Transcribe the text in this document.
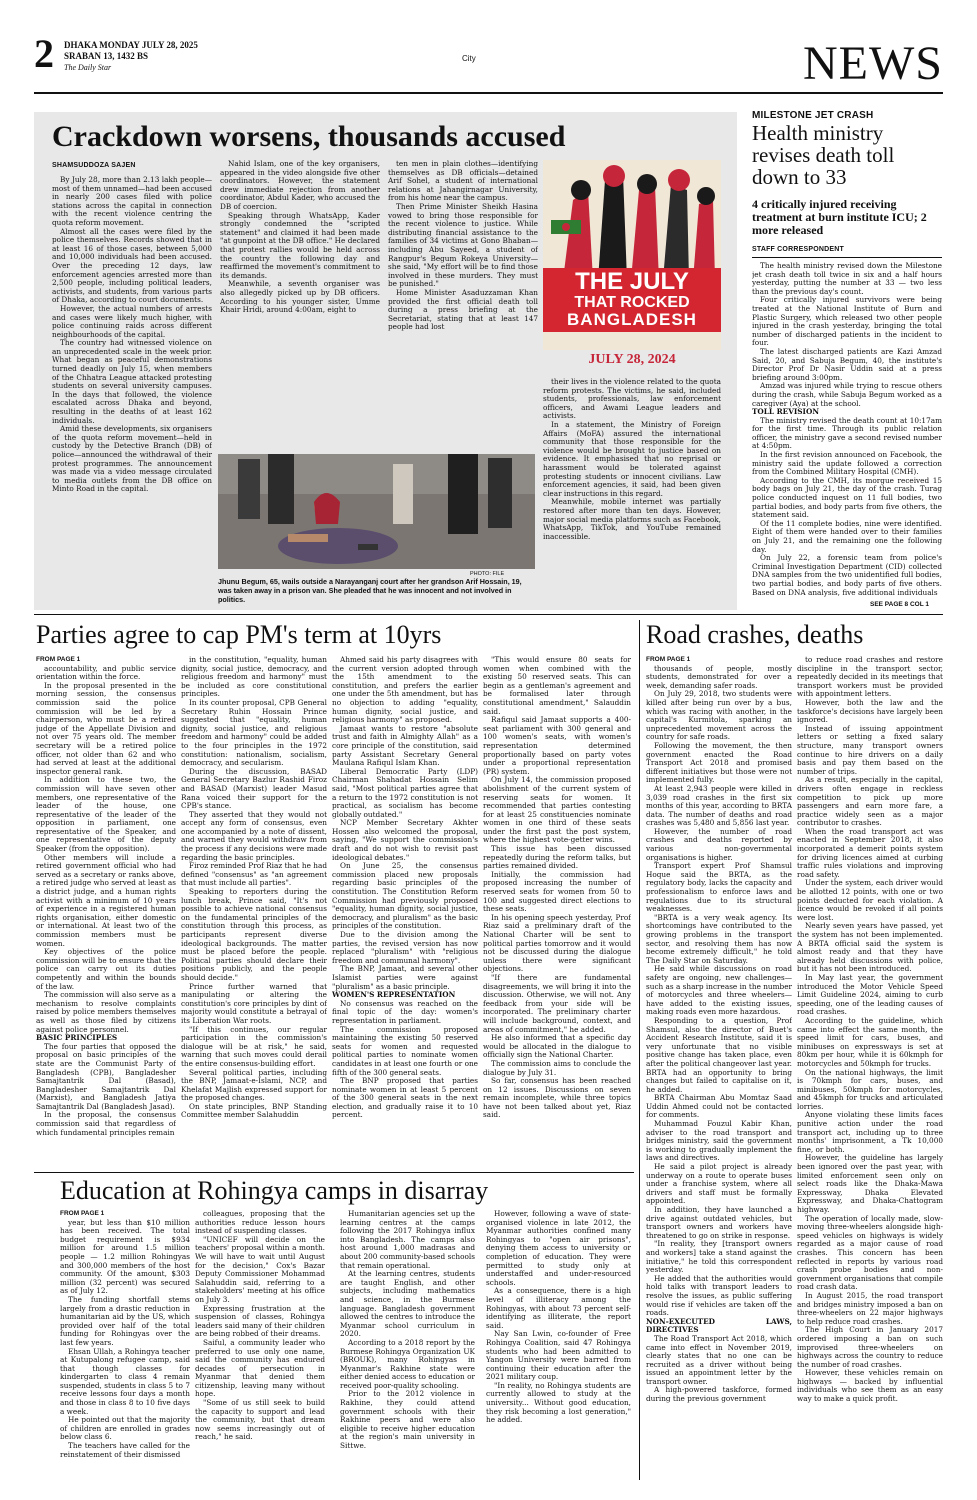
2 DHAKA MONDAY JULY 28, 2025
SRABAN 13, 1432 BS
The Daily Star
City	NEWS
Crackdown worsens, thousands accused
SHAMSUDDOZA SAJEN

By July 28, more than 2.13 lakh people—most of them unnamed—had been accused in nearly 200 cases filed with police stations across the capital in connection with the recent violence centring the quota reform movement.

Almost all the cases were filed by the police themselves. Records showed that in at least 16 of those cases, between 5,000 and 10,000 individuals had been accused. Over the preceding 12 days, law enforcement agencies arrested more than 2,500 people, including political leaders, activists, and students, from various parts of Dhaka, according to court documents.

However, the actual numbers of arrests and cases were likely much higher, with police continuing raids across different neighbourhoods of the capital.

The country had witnessed violence on an unprecedented scale in the week prior. What began as peaceful demonstrations turned deadly on July 15, when members of the Chhatra League attacked protesting students on several university campuses. In the days that followed, the violence escalated across Dhaka and beyond, resulting in the deaths of at least 162 individuals.

Amid these developments, six organisers of the quota reform movement—held in custody by the Detective Branch (DB) of police—announced the withdrawal of their protest programmes. The announcement was made via a video message circulated to media outlets from the DB office on Minto Road in the capital.

Nahid Islam, one of the key organisers, appeared in the video alongside five other coordinators. However, the statement drew immediate rejection from another coordinator, Abdul Kader, who accused the DB of coercion.

Speaking through WhatsApp, Kader strongly condemned the "scripted statement" and claimed it had been made "at gunpoint at the DB office." He declared that protest rallies would be held across the country the following day and reaffirmed the movement's commitment to its demands.

Meanwhile, a seventh organiser was also allegedly picked up by DB officers. According to his younger sister, Umme Khair Hridi, around 4:00am, eight to

ten men in plain clothes—identifying themselves as DB officials—detained Arif Sohel, a student of international relations at Jahangirnagar University, from his home near the campus.

Then Prime Minister Sheikh Hasina vowed to bring those responsible for the recent violence to justice. While distributing financial assistance to the families of 34 victims at Gono Bhaban—including Abu Sayeed, a student of Rangpur's Begum Rokeya University—she said, "My effort will be to find those involved in these murders. They must be punished."

Home Minister Asaduzzaman Khan provided the first official death toll during a press briefing at the Secretariat, stating that at least 147 people had lost

THE JULY
THAT ROCKED
BANGLADESH
JULY 28, 2024
PHOTO: FILE
Jhunu Begum, 65, wails outside a Narayanganj court after her grandson Arif Hossain, 19, was taken away in a prison van. She pleaded that he was innocent and not involved in politics.

their lives in the violence related to the quota reform protests. The victims, he said, included students, professionals, law enforcement officers, and Awami League leaders and activists.

In a statement, the Ministry of Foreign Affairs (MoFA) assured the international community that those responsible for the violence would be brought to justice based on evidence. It emphasised that no reprisal or harassment would be tolerated against protesting students or innocent civilians. Law enforcement agencies, it said, had been given clear instructions in this regard.

Meanwhile, mobile internet was partially restored after more than ten days. However, major social media platforms such as Facebook, WhatsApp, TikTok, and YouTube remained inaccessible.

MILESTONE JET CRASH
Health ministry revises death toll down to 33
4 critically injured receiving treatment at burn institute ICU; 2 more released
STAFF CORRESPONDENT

The health ministry revised down the Milestone jet crash death toll twice in six and a half hours yesterday, putting the number at 33 — two less than the previous day's count.

Four critically injured survivors were being treated at the National Institute of Burn and Plastic Surgery, which released two other people injured in the crash yesterday, bringing the total number of discharged patients in the incident to four.

The latest discharged patients are Kazi Amzad Said, 20, and Sabuja Begum, 40, the institute's Director Prof Dr Nasir Uddin said at a press briefing around 3:00pm.

Amzad was injured while trying to rescue others during the crash, while Sabuja Begum worked as a caregiver (Aya) at the school.

TOLL REVISION

The ministry revised the death count at 10:17am for the first time. Through its public relation officer, the ministry gave a second revised number at 4:50pm.

In the first revision announced on Facebook, the ministry said the update followed a correction from the Combined Military Hospital (CMH).

According to the CMH, its morgue received 15 body bags on July 21, the day of the crash. Turag police conducted inquest on 11 full bodies, two partial bodies, and body parts from five others, the statement said.

Of the 11 complete bodies, nine were identified. Eight of them were handed over to their families on July 21, and the remaining one the following day.

On July 22, a forensic team from police's Criminal Investigation Department (CID) collected DNA samples from the two unidentified full bodies, two partial bodies, and body parts of five others. Based on DNA analysis, five additional individuals

SEE PAGE 8 COL 1
Parties agree to cap PM's term at 10yrs
FROM PAGE 1

accountability, and public service orientation within the force.

In the proposal presented in the morning session, the consensus commission said the police commission will be led by a chairperson, who must be a retired judge of the Appellate Division and not over 75 years old. The member secretary will be a retired police officer, not older than 62 and who had served at least at the additional inspector general rank.

In addition to these two, the commission will have seven other members, one representative of the leader of the house, one representative of the leader of the opposition in parliament, one representative of the Speaker, and one representative of the deputy Speaker (from the opposition).

Other members will include a retired government official who had served as a secretary or ranks above, a retired judge who served at least as a district judge, and a human rights activist with a minimum of 10 years of experience in a registered human rights organisation, either domestic or international. At least two of the commission members must be women.

Key objectives of the police commission will be to ensure that the police can carry out its duties competently and within the bounds of the law.

The commission will also serve as a mechanism to resolve complaints raised by police members themselves as well as those filed by citizens against police personnel.

BASIC PRINCIPLES

The four parties that opposed the proposal on basic principles of the state are the Communist Party of Bangladesh (CPB), Bangladesher Samajtantrik Dal (Basad), Bangladesher Samajtantrik Dal (Marxist), and Bangladesh Jatiya Samajtantrik Dal (Bangladesh Jasad).

In the proposal, the consensus commission said that regardless of which fundamental principles remain

in the constitution, "equality, human dignity, social justice, democracy, and religious freedom and harmony" must be included as core constitutional principles.

In its counter proposal, CPB General Secretary Ruhin Hossain Prince suggested that "equality, human dignity, social justice, and religious freedom and harmony" could be added to the four principles in the 1972 constitution: nationalism, socialism, democracy, and secularism.

During the discussion, BASAD General Secretary Bazlur Rashid Firoz and BASAD (Marxist) leader Masud Rana voiced their support for the CPB's stance.

They asserted that they would not accept any form of consensus, even one accompanied by a note of dissent, and warned they would withdraw from the process if any decisions were made regarding the basic principles.

Firoz reminded Prof Riaz that he had defined "consensus" as "an agreement that must include all parties".

Speaking to reporters during the lunch break, Prince said, "It's not possible to achieve national consensus on the fundamental principles of the constitution through this process, as participants represent diverse ideological backgrounds. The matter must be placed before the people. Political parties should declare their positions publicly, and the people should decide."

Prince further warned that manipulating or altering the constitution's core principles by dint of majority would constitute a betrayal of its Liberation War roots.

"If this continues, our regular participation in the commission's dialogue will be at risk," he said, warning that such moves could derail the entire consensus-building effort.

Several political parties, including the BNP, Jamaat-e-Islami, NCP, and Khelafat Majlish expressed support for the proposed changes.

On state principles, BNP Standing Committee member Salahuddin

Ahmed said his party disagrees with the current version adopted through the 15th amendment to the constitution, and prefers the earlier one under the 5th amendment, but has no objection to adding "equality, human dignity, social justice, and religious harmony" as proposed.

Jamaat wants to restore "absolute trust and faith in Almighty Allah" as a core principle of the constitution, said party Assistant Secretary General Maulana Rafiqul Islam Khan.

Liberal Democratic Party (LDP) Chairman Shahadat Hossain Selim said, "Most political parties agree that a return to the 1972 constitution is not practical, as socialism has become globally outdated."

NCP Member Secretary Akhter Hossen also welcomed the proposal, saying, "We support the commission's draft and do not wish to revisit past ideological debates."

On June 25, the consensus commission placed new proposals regarding basic principles of the constitution. The Constitution Reform Commission had previously proposed "equality, human dignity, social justice, democracy, and pluralism" as the basic principles of the constitution.

Due to the division among the parties, the revised version has now replaced "pluralism" with "religious freedom and communal harmony".

The BNP, Jamaat, and several other Islamist parties were against "pluralism" as a basic principle.

WOMEN'S REPRESENTATION

No consensus was reached on the final topic of the day: women's representation in parliament.

The commission proposed maintaining the existing 50 reserved seats for women and requested political parties to nominate women candidates in at least one fourth or one fifth of the 300 general seats.

The BNP proposed that parties nominate women in at least 5 percent of the 300 general seats in the next election, and gradually raise it to 10 percent.

"This would ensure 80 seats for women when combined with the existing 50 reserved seats. This can begin as a gentleman's agreement and be formalised later through constitutional amendment," Salauddin said.

Rafiqul said Jamaat supports a 400-seat parliament with 300 general and 100 women's seats, with women's representation determined proportionally based on party votes under a proportional representation (PR) system.

On July 14, the commission proposed abolishment of the current system of reserving seats for women. It recommended that parties contesting for at least 25 constituencies nominate women in one third of these seats under the first past the post system, where the highest vote-getter wins.

This issue has been discussed repeatedly during the reform talks, but parties remained divided.

Initially, the commission had proposed increasing the number of reserved seats for women from 50 to 100 and suggested direct elections to these seats.

In his opening speech yesterday, Prof Riaz said a preliminary draft of the National Charter will be sent to political parties tomorrow and it would not be discussed during the dialogue unless there were significant objections.

"If there are fundamental disagreements, we will bring it into the discussion. Otherwise, we will not. Any feedback from your side will be incorporated. The preliminary charter will include background, context, and areas of commitment," he added.

He also informed that a specific day would be allocated in the dialogue to officially sign the National Charter.

The commission aims to conclude the dialogue by July 31.

So far, consensus has been reached on 12 issues. Discussions on seven remain incomplete, while three topics have not been talked about yet, Riaz said.

Road crashes, deaths
FROM PAGE 1

thousands of people, mostly students, demonstrated for over a week, demanding safer roads.

On July 29, 2018, two students were killed after being run over by a bus, which was racing with another, in the capital's Kurmitola, sparking an unprecedented movement across the country for safe roads.

Following the movement, the then government enacted the Road Transport Act 2018 and promised different initiatives but those were not implemented fully.

At least 2,943 people were killed in 3,039 road crashes in the first six months of this year, according to BRTA data. The number of deaths and road crashes was 5,480 and 5,856 last year.

However, the number of road crashes and deaths reported by various non-governmental organisations is higher.

Transport expert Prof Shamsul Hoque said the BRTA, as the regulatory body, lacks the capacity and professionalism to enforce laws and regulations due to its structural weaknesses.

"BRTA is a very weak agency. Its shortcomings have contributed to the growing problems in the transport sector, and resolving them has now become extremely difficult," he told The Daily Star on Saturday.

He said while discussions on road safety are ongoing, new challenges—such as a sharp increase in the number of motorcycles and three wheelers—have added to the existing issues, making roads even more hazardous.

Responding to a question, Prof Shamsul, also the director of Buet's Accident Research Institute, said it is very unfortunate that no visible positive change has taken place, even after the political changeover last year. BRTA had an opportunity to bring changes but failed to capitalise on it, he added.

BRTA Chairman Abu Momtaz Saad Uddin Ahmed could not be contacted for comments.

Muhammad Fouzul Kabir Khan, adviser to the road transport and bridges ministry, said the government is working to gradually implement the laws and directives.

He said a pilot project is already underway on a route to operate buses under a franchise system, where all drivers and staff must be formally appointed.

In addition, they have launched a drive against outdated vehicles, but transport owners and workers have threatened to go on strike in response.

"In reality, they [transport owners and workers] take a stand against the initiative," he told this correspondent yesterday.

He added that the authorities would hold talks with transport leaders to resolve the issues, as public suffering would rise if vehicles are taken off the roads.

NON-EXECUTED LAWS, DIRECTIVES

The Road Transport Act 2018, which came into effect in November 2019, clearly states that no one can be recruited as a driver without being issued an appointment letter by the transport owner.

A high-powered taskforce, formed during the previous government

to reduce road crashes and restore discipline in the transport sector, repeatedly decided in its meetings that transport workers must be provided with appointment letters.

However, both the law and the taskforce's decisions have largely been ignored.

Instead of issuing appointment letters or setting a fixed salary structure, many transport owners continue to hire drivers on a daily basis and pay them based on the number of trips.

As a result, especially in the capital, drivers often engage in reckless competition to pick up more passengers and earn more fare, a practice widely seen as a major contributor to crashes.

When the road transport act was enacted in September 2018, it also incorporated a demerit points system for driving licences aimed at curbing traffic rules violations and improving road safety.

Under the system, each driver would be allotted 12 points, with one or two points deducted for each violation. A licence would be revoked if all points were lost.

Nearly seven years have passed, yet the system has not been implemented. A BRTA official said the system is almost ready and that they have already held discussions with police, but it has not been introduced.

In May last year, the government introduced the Motor Vehicle Speed Limit Guideline 2024, aiming to curb speeding, one of the leading causes of road crashes.

According to the guideline, which came into effect the same month, the speed limit for cars, buses, and minibuses on expressways is set at 80km per hour, while it is 60kmph for motorcycles and 50kmph for trucks.

On the national highways, the limit is 70kmph for cars, buses, and minibuses, 50kmph for motorcycles, and 45kmph for trucks and articulated lorries.

Anyone violating these limits faces punitive action under the road transport act, including up to three months' imprisonment, a Tk 10,000 fine, or both.

However, the guideline has largely been ignored over the past year, with limited enforcement seen only on select roads like the Dhaka-Mawa Expressway, Dhaka Elevated Expressway, and Dhaka-Chattogram highway.

The operation of locally made, slow-moving three-wheelers alongside high-speed vehicles on highways is widely regarded as a major cause of road crashes. This concern has been reflected in reports by various road crash probe bodies and non-government organisations that compile road crash data.

In August 2015, the road transport and bridges ministry imposed a ban on three-wheelers on 22 major highways to help reduce road crashes.

The High Court in January 2017 ordered imposing a ban on such improvised three-wheelers on highways across the country to reduce the number of road crashes.

However, these vehicles remain on highways — backed by influential individuals who see them as an easy way to make a quick profit.

Education at Rohingya camps in disarray
FROM PAGE 1

year, but less than $10 million has been received. The total budget requirement is $934 million for around 1.5 million people — 1.2 million Rohingyas and 300,000 members of the host community. Of the amount, $303 million (32 percent) was secured as of July 12.

The funding shortfall stems largely from a drastic reduction in humanitarian aid by the US, which provided over half of the total funding for Rohingyas over the last few years.

Ehsan Ullah, a Rohingya teacher at Kutupalong refugee camp, said that though classes for kindergarten to class 4 remain suspended, students in class 5 to 7 receive lessons four days a month and those in class 8 to 10 five days a week.

He pointed out that the majority of children are enrolled in grades below class 6.

The teachers have called for the reinstatement of their dismissed

colleagues, proposing that the authorities reduce lesson hours instead of suspending classes.

"UNICEF will decide on the teachers' proposal within a month. We will have to wait until August for the decision," Cox's Bazar Deputy Commissioner Mohammad Salahuddin said, referring to a stakeholders' meeting at his office on July 3.

Expressing frustration at the suspension of classes, Rohingya leaders said many of their children are being robbed of their dreams.

Saiful, a community leader who preferred to use only one name, said the community has endured decades of persecution in Myanmar that denied them citizenship, leaving many without hope.

"Some of us still seek to build the capacity to support and lead the community, but that dream now seems increasingly out of reach," he said.

Humanitarian agencies set up the learning centres at the camps following the 2017 Rohingya influx into Bangladesh. The camps also host around 1,000 madrasas and about 200 community-based schools that remain operational.

At the learning centres, students are taught English, and other subjects, including mathematics and science, in the Burmese language. Bangladesh government allowed the centres to introduce the Myanmar school curriculum in 2020.

According to a 2018 report by the Burmese Rohingya Organization UK (BROUK), many Rohingyas in Myanmar's Rakhine state were either denied access to education or received poor-quality schooling.

Prior to the 2012 violence in Rakhine, they could attend government schools with their Rakhine peers and were also eligible to receive higher education at the region's main university in Sittwe.

However, following a wave of state-organised violence in late 2012, the Myanmar authorities confined many Rohingyas to "open air prisons", denying them access to university or completion of education. They were permitted to study only at understaffed and under-resourced schools.

As a consequence, there is a high level of illiteracy among the Rohingyas, with about 73 percent self-identifying as illiterate, the report said.

Nay San Lwin, co-founder of Free Rohingya Coalition, said 47 Rohingya students who had been admitted to Yangon University were barred from continuing their education after the 2021 military coup.

"In reality, no Rohingya students are currently allowed to study at the university... Without good education, they risk becoming a lost generation," he added.
